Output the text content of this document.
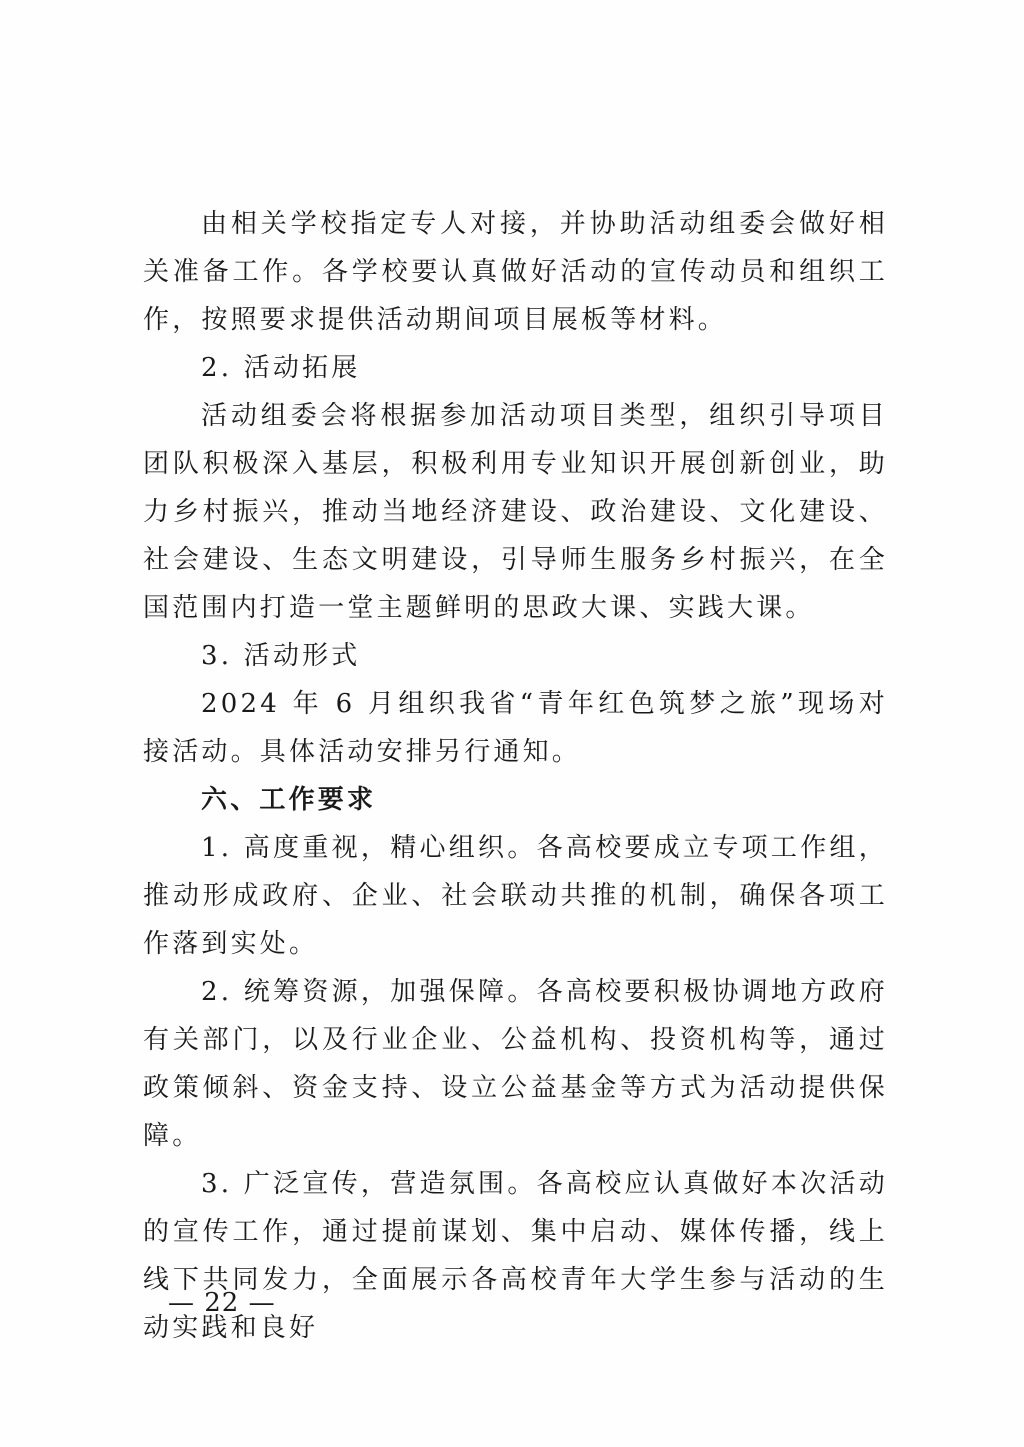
由相关学校指定专人对接，并协助活动组委会做好相关准备工作。各学校要认真做好活动的宣传动员和组织工作，按照要求提供活动期间项目展板等材料。

2. 活动拓展

活动组委会将根据参加活动项目类型，组织引导项目团队积极深入基层，积极利用专业知识开展创新创业，助力乡村振兴，推动当地经济建设、政治建设、文化建设、社会建设、生态文明建设，引导师生服务乡村振兴，在全国范围内打造一堂主题鲜明的思政大课、实践大课。

3. 活动形式

2024 年 6 月组织我省“青年红色筑梦之旅”现场对接活动。具体活动安排另行通知。

六、工作要求

1. 高度重视，精心组织。各高校要成立专项工作组，推动形成政府、企业、社会联动共推的机制，确保各项工作落到实处。

2. 统筹资源，加强保障。各高校要积极协调地方政府有关部门，以及行业企业、公益机构、投资机构等，通过政策倾斜、资金支持、设立公益基金等方式为活动提供保障。

3. 广泛宣传，营造氛围。各高校应认真做好本次活动的宣传工作，通过提前谋划、集中启动、媒体传播，线上线下共同发力，全面展示各高校青年大学生参与活动的生动实践和良好

— 22 —
